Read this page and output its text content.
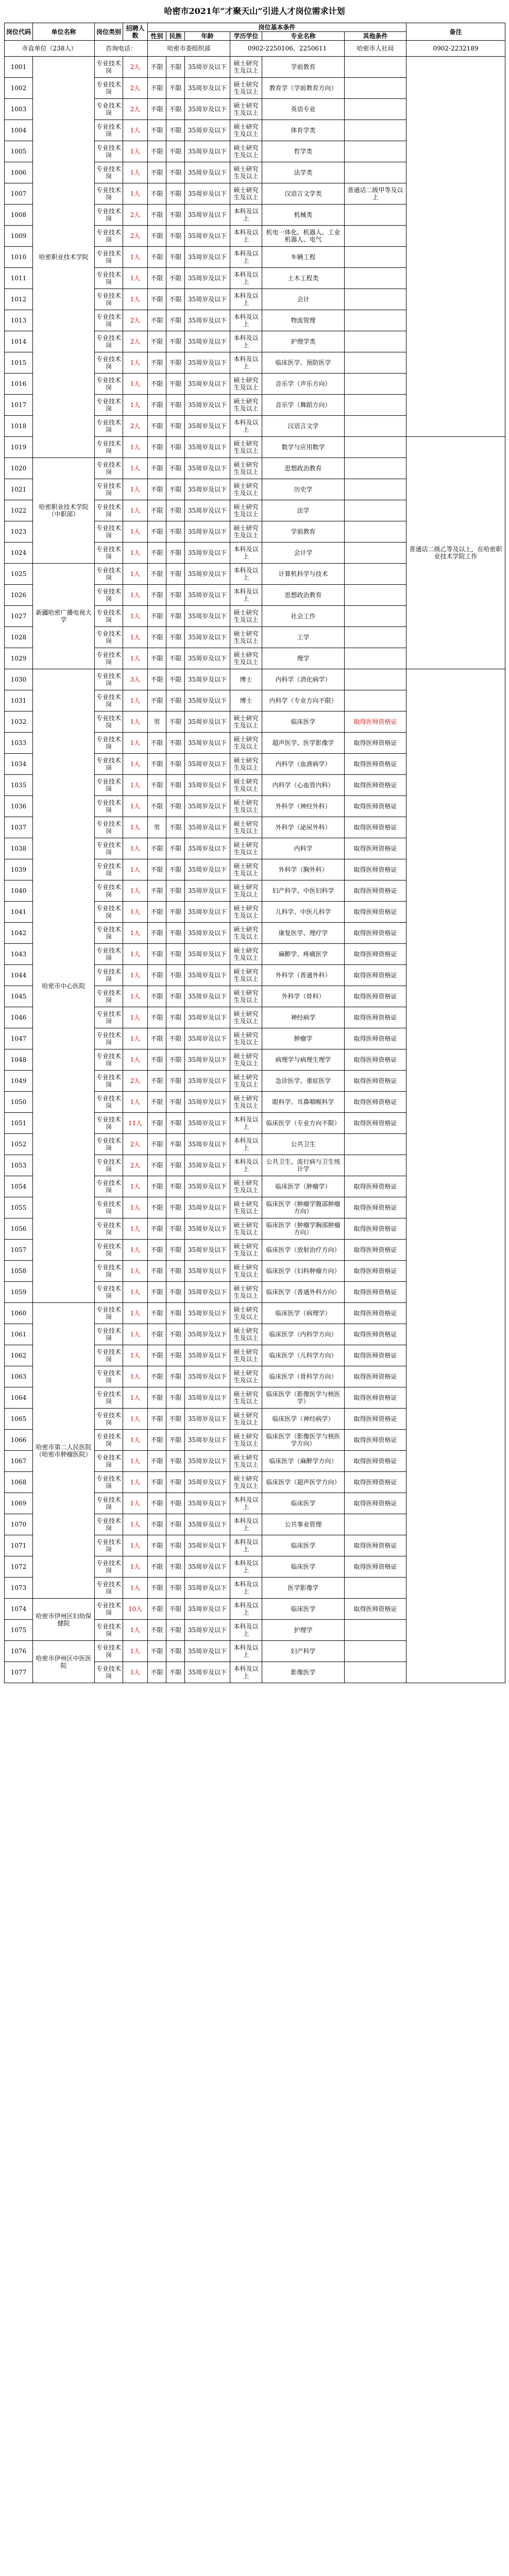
哈密市2021年“才聚天山”引进人才岗位需求计划
岗位代码	单位名称	岗位类别	招聘人数	岗位基本条件						备注
				性别	民族	年龄	学历学位	专业名称	其他条件	
市直单位（238人）		咨询电话：		哈密市委组织部			0902-2250106、2250611		哈密市人社局	0902-2232189
1001	哈密职业技术学院	专业技术岗	2人	不限	不限	35周岁及以下	硕士研究生及以上	学前教育		
1002		专业技术岗	2人	不限	不限	35周岁及以下	硕士研究生及以上	教育学（学前教育方向）		
1003		专业技术岗	2人	不限	不限	35周岁及以下	硕士研究生及以上	英语专业		
1004		专业技术岗	1人	不限	不限	35周岁及以下	硕士研究生及以上	体育学类		
1005		专业技术岗	1人	不限	不限	35周岁及以下	硕士研究生及以上	哲学类		
1006		专业技术岗	1人	不限	不限	35周岁及以下	硕士研究生及以上	法学类		
1007		专业技术岗	1人	不限	不限	35周岁及以下	硕士研究生及以上	汉语言文学类	普通话二级甲等及以上	
1008		专业技术岗	2人	不限	不限	35周岁及以下	本科及以上	机械类		
1009		专业技术岗	2人	不限	不限	35周岁及以下	本科及以上	机电一体化、机器人、工业机器人、电气		
1010		专业技术岗	1人	不限	不限	35周岁及以下	本科及以上	车辆工程		
1011		专业技术岗	1人	不限	不限	35周岁及以下	本科及以上	土木工程类		
1012		专业技术岗	1人	不限	不限	35周岁及以下	本科及以上	会计		
1013		专业技术岗	2人	不限	不限	35周岁及以下	本科及以上	物流管理		
1014		专业技术岗	2人	不限	不限	35周岁及以下	本科及以上	护理学类		
1015		专业技术岗	1人	不限	不限	35周岁及以下	本科及以上	临床医学、预防医学		
1016		专业技术岗	1人	不限	不限	35周岁及以下	硕士研究生及以上	音乐学（声乐方向）		
1017		专业技术岗	1人	不限	不限	35周岁及以下	硕士研究生及以上	音乐学（舞蹈方向）		
1018		专业技术岗	2人	不限	不限	35周岁及以下	本科及以上	汉语言文学		
1019		专业技术岗	1人	不限	不限	35周岁及以下	硕士研究生及以上	数学与应用数学		普通话二级乙等及以上，在哈密职业技术学院工作
1020	哈密职业技术学院（中职部）	专业技术岗	1人	不限	不限	35周岁及以下	硕士研究生及以上	思想政治教育		
1021		专业技术岗	1人	不限	不限	35周岁及以下	硕士研究生及以上	历史学		
1022		专业技术岗	1人	不限	不限	35周岁及以下	硕士研究生及以上	法学		
1023		专业技术岗	1人	不限	不限	35周岁及以下	硕士研究生及以上	学前教育		
1024		专业技术岗	1人	不限	不限	35周岁及以下	本科及以上	会计学		
1025	新疆哈密广播电视大学	专业技术岗	1人	不限	不限	35周岁及以下	本科及以上	计算机科学与技术		
1026		专业技术岗	1人	不限	不限	35周岁及以下	本科及以上	思想政治教育		
1027		专业技术岗	1人	不限	不限	35周岁及以下	硕士研究生及以上	社会工作		
1028		专业技术岗	1人	不限	不限	35周岁及以下	硕士研究生及以上	工学		
1029		专业技术岗	1人	不限	不限	35周岁及以下	硕士研究生及以上	理学		
1030	哈密市中心医院	专业技术岗	3人	不限	不限	35周岁及以下	博士	内科学（消化病学）		
1031		专业技术岗	1人	不限	不限	35周岁及以下	博士	内科学（专业方向不限）		
1032		专业技术岗	1人	男	不限	35周岁及以下	硕士研究生及以上	临床医学	取得医师资格证	
1033		专业技术岗	1人	不限	不限	35周岁及以下	硕士研究生及以上	超声医学、医学影像学	取得医师资格证	
1034		专业技术岗	1人	不限	不限	35周岁及以下	硕士研究生及以上	内科学（血液病学）	取得医师资格证	
1035		专业技术岗	1人	不限	不限	35周岁及以下	硕士研究生及以上	内科学（心血管内科）	取得医师资格证	
1036		专业技术岗	1人	不限	不限	35周岁及以下	硕士研究生及以上	外科学（神经外科）	取得医师资格证	
1037		专业技术岗	1人	男	不限	35周岁及以下	硕士研究生及以上	外科学（泌尿外科）	取得医师资格证	
1038		专业技术岗	1人	不限	不限	35周岁及以下	硕士研究生及以上	内科学	取得医师资格证	
1039		专业技术岗	1人	不限	不限	35周岁及以下	硕士研究生及以上	外科学（胸外科）	取得医师资格证	
1040		专业技术岗	1人	不限	不限	35周岁及以下	硕士研究生及以上	妇产科学、中医妇科学	取得医师资格证	
1041		专业技术岗	1人	不限	不限	35周岁及以下	硕士研究生及以上	儿科学、中医儿科学	取得医师资格证	
1042		专业技术岗	1人	不限	不限	35周岁及以下	硕士研究生及以上	康复医学、理疗学	取得医师资格证	
1043		专业技术岗	1人	不限	不限	35周岁及以下	硕士研究生及以上	麻醉学、疼痛医学	取得医师资格证	
1044		专业技术岗	1人	不限	不限	35周岁及以下	硕士研究生及以上	外科学（普通外科）	取得医师资格证	
1045		专业技术岗	1人	不限	不限	35周岁及以下	硕士研究生及以上	外科学（骨科）	取得医师资格证	
1046		专业技术岗	1人	不限	不限	35周岁及以下	硕士研究生及以上	神经病学	取得医师资格证	
1047		专业技术岗	1人	不限	不限	35周岁及以下	硕士研究生及以上	肿瘤学	取得医师资格证	
1048		专业技术岗	1人	不限	不限	35周岁及以下	硕士研究生及以上	病理学与病理生理学	取得医师资格证	
1049		专业技术岗	2人	不限	不限	35周岁及以下	硕士研究生及以上	急诊医学、重症医学	取得医师资格证	
1050		专业技术岗	1人	不限	不限	35周岁及以下	硕士研究生及以上	眼科学、耳鼻咽喉科学	取得医师资格证	
1051		专业技术岗	11人	不限	不限	35周岁及以下	本科及以上	临床医学（专业方向不限）	取得医师资格证	
1052		专业技术岗	2人	不限	不限	35周岁及以下	本科及以上	公共卫生		
1053		专业技术岗	2人	不限	不限	35周岁及以下	本科及以上	公共卫生、流行病与卫生统计学		
1054		专业技术岗	1人	不限	不限	35周岁及以下	硕士研究生及以上	临床医学（肿瘤学）	取得医师资格证	
1055		专业技术岗	1人	不限	不限	35周岁及以下	硕士研究生及以上	临床医学（肿瘤学腹部肿瘤方向）	取得医师资格证	
1056		专业技术岗	1人	不限	不限	35周岁及以下	硕士研究生及以上	临床医学（肿瘤学胸部肿瘤方向）	取得医师资格证	
1057		专业技术岗	1人	不限	不限	35周岁及以下	硕士研究生及以上	临床医学（放射治疗方向）	取得医师资格证	
1058		专业技术岗	1人	不限	不限	35周岁及以下	硕士研究生及以上	临床医学（妇科肿瘤方向）	取得医师资格证	
1059		专业技术岗	1人	不限	不限	35周岁及以下	硕士研究生及以上	临床医学（普通外科方向）	取得医师资格证	
1060	哈密市第二人民医院（哈密市肿瘤医院）	专业技术岗	1人	不限	不限	35周岁及以下	硕士研究生及以上	临床医学（病理学）	取得医师资格证	
1061		专业技术岗	1人	不限	不限	35周岁及以下	硕士研究生及以上	临床医学（内科学方向）	取得医师资格证	
1062		专业技术岗	1人	不限	不限	35周岁及以下	硕士研究生及以上	临床医学（儿科学方向）	取得医师资格证	
1063		专业技术岗	1人	不限	不限	35周岁及以下	硕士研究生及以上	临床医学（骨科学方向）	取得医师资格证	
1064		专业技术岗	1人	不限	不限	35周岁及以下	硕士研究生及以上	临床医学（影像医学与核医学）	取得医师资格证	
1065		专业技术岗	1人	不限	不限	35周岁及以下	硕士研究生及以上	临床医学（神经病学）	取得医师资格证	
1066		专业技术岗	1人	不限	不限	35周岁及以下	硕士研究生及以上	临床医学（影像医学与核医学方向）	取得医师资格证	
1067		专业技术岗	1人	不限	不限	35周岁及以下	硕士研究生及以上	临床医学（麻醉学方向）	取得医师资格证	
1068		专业技术岗	1人	不限	不限	35周岁及以下	硕士研究生及以上	临床医学（超声医学方向）	取得医师资格证	
1069		专业技术岗	1人	不限	不限	35周岁及以下	本科及以上	临床医学	取得医师资格证	
1070		专业技术岗	1人	不限	不限	35周岁及以下	本科及以上	公共事业管理		
1071		专业技术岗	1人	不限	不限	35周岁及以下	本科及以上	临床医学	取得医师资格证	
1072		专业技术岗	1人	不限	不限	35周岁及以下	本科及以上	临床医学	取得医师资格证	
1073		专业技术岗	1人	不限	不限	35周岁及以下	本科及以上	医学影像学		
1074	哈密市伊州区妇幼保健院	专业技术岗	10人	不限	不限	35周岁及以下	本科及以上	临床医学	取得医师资格证	
1075		专业技术岗	1人	不限	不限	35周岁及以下	本科及以上	护理学		
1076	哈密市伊州区中医医院	专业技术岗	1人	不限	不限	35周岁及以下	本科及以上	妇产科学		
1077		专业技术岗	1人	不限	不限	35周岁及以下	本科及以上	影像医学		
